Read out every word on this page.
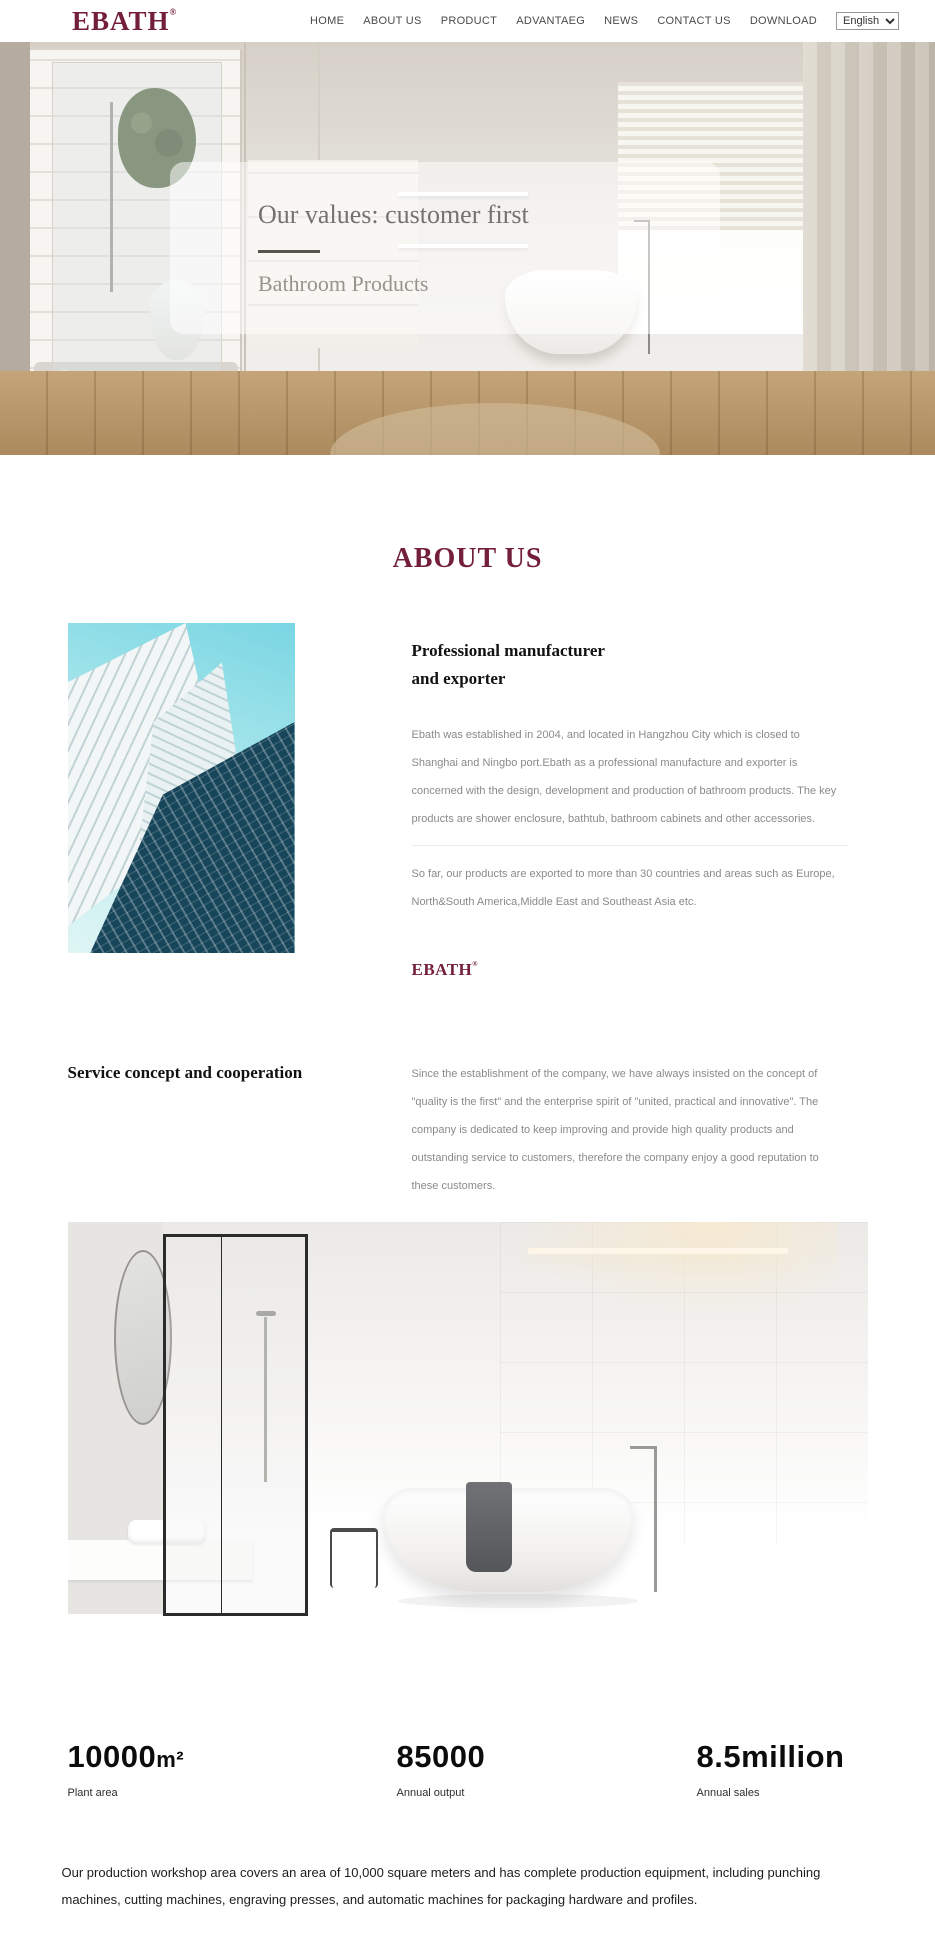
EBATH®
HOME ABOUT US PRODUCT ADVANTAEG NEWS CONTACT US DOWNLOAD
English
Our values: customer first
Bathroom Products
ABOUT US
Professional manufacturer
and exporter

Ebath was established in 2004, and located in Hangzhou City which is closed to Shanghai and Ningbo port.Ebath as a professional manufacture and exporter is concerned with the design, development and production of bathroom products. The key products are shower enclosure, bathtub, bathroom cabinets and other accessories.

So far, our products are exported to more than 30 countries and areas such as Europe, North&South America,Middle East and Southeast Asia etc.

EBATH®
Service concept and cooperation	Since the establishment of the company, we have always insisted on the concept of "quality is the first" and the enterprise spirit of "united, practical and innovative". The company is dedicated to keep improving and provide high quality products and outstanding service to customers, therefore the company enjoy a good reputation to these customers.

10000m²
Plant area
85000
Annual output
8.5million
Annual sales

Our production workshop area covers an area of 10,000 square meters and has complete production equipment, including punching machines, cutting machines, engraving presses, and automatic machines for packaging hardware and profiles.
